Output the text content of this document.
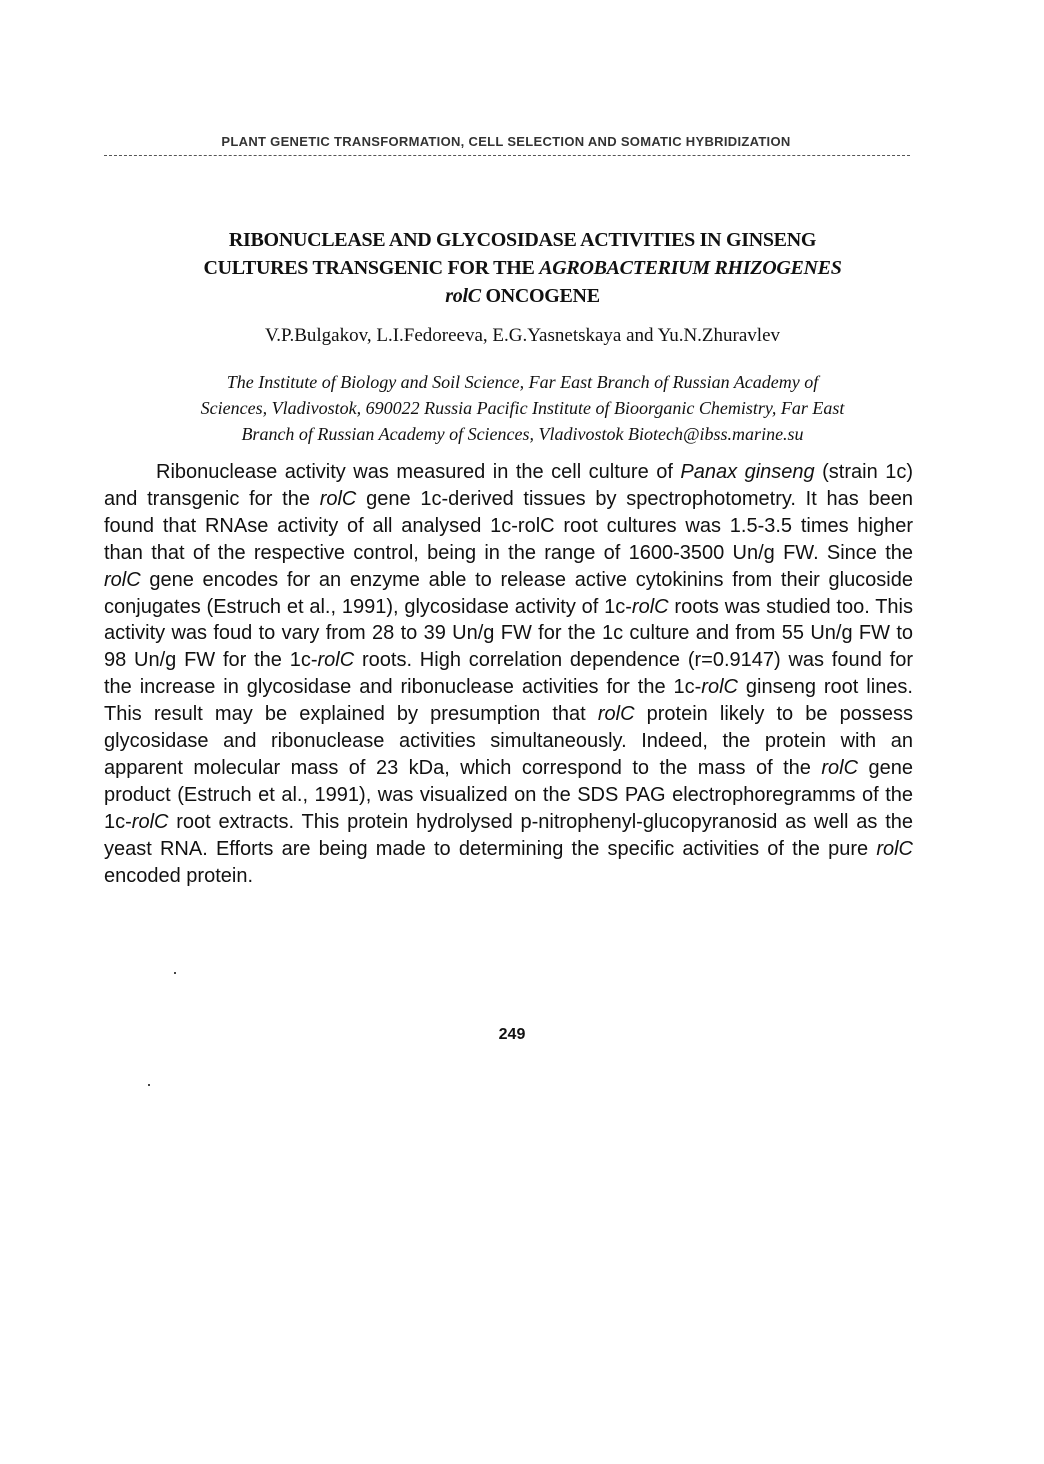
PLANT GENETIC TRANSFORMATION, CELL SELECTION AND SOMATIC HYBRIDIZATION
RIBONUCLEASE AND GLYCOSIDASE ACTIVITIES IN GINSENG
CULTURES TRANSGENIC FOR THE AGROBACTERIUM RHIZOGENES
rolC ONCOGENE
V.P.Bulgakov, L.I.Fedoreeva, E.G.Yasnetskaya and Yu.N.Zhuravlev
The Institute of Biology and Soil Science, Far East Branch of Russian Academy of
Sciences, Vladivostok, 690022 Russia Pacific Institute of Bioorganic Chemistry, Far East
Branch of Russian Academy of Sciences, Vladivostok Biotech@ibss.marine.su

Ribonuclease activity was measured in the cell culture of Panax ginseng (strain 1c) and transgenic for the rolC gene 1c-derived tissues by spectrophotometry. It has been found that RNAse activity of all analysed 1c-rolC root cultures was 1.5-3.5 times higher than that of the respective control, being in the range of 1600-3500 Un/g FW. Since the rolC gene encodes for an enzyme able to release active cytokinins from their glucoside conjugates (Estruch et al., 1991), glycosidase activity of 1c-rolC roots was studied too. This activity was foud to vary from 28 to 39 Un/g FW for the 1c culture and from 55 Un/g FW to 98 Un/g FW for the 1c-rolC roots. High correlation dependence (r=0.9147) was found for the increase in glycosidase and ribonuclease activities for the 1c-rolC ginseng root lines. This result may be explained by presumption that rolC protein likely to be possess glycosidase and ribonuclease activities simultaneously. Indeed, the protein with an apparent molecular mass of 23 kDa, which correspond to the mass of the rolC gene product (Estruch et al., 1991), was visualized on the SDS PAG electrophoregramms of the 1c-rolC root extracts. This protein hydrolysed p-nitrophenyl-glucopyranosid as well as the yeast RNA. Efforts are being made to determining the specific activities of the pure rolC encoded protein.

249
